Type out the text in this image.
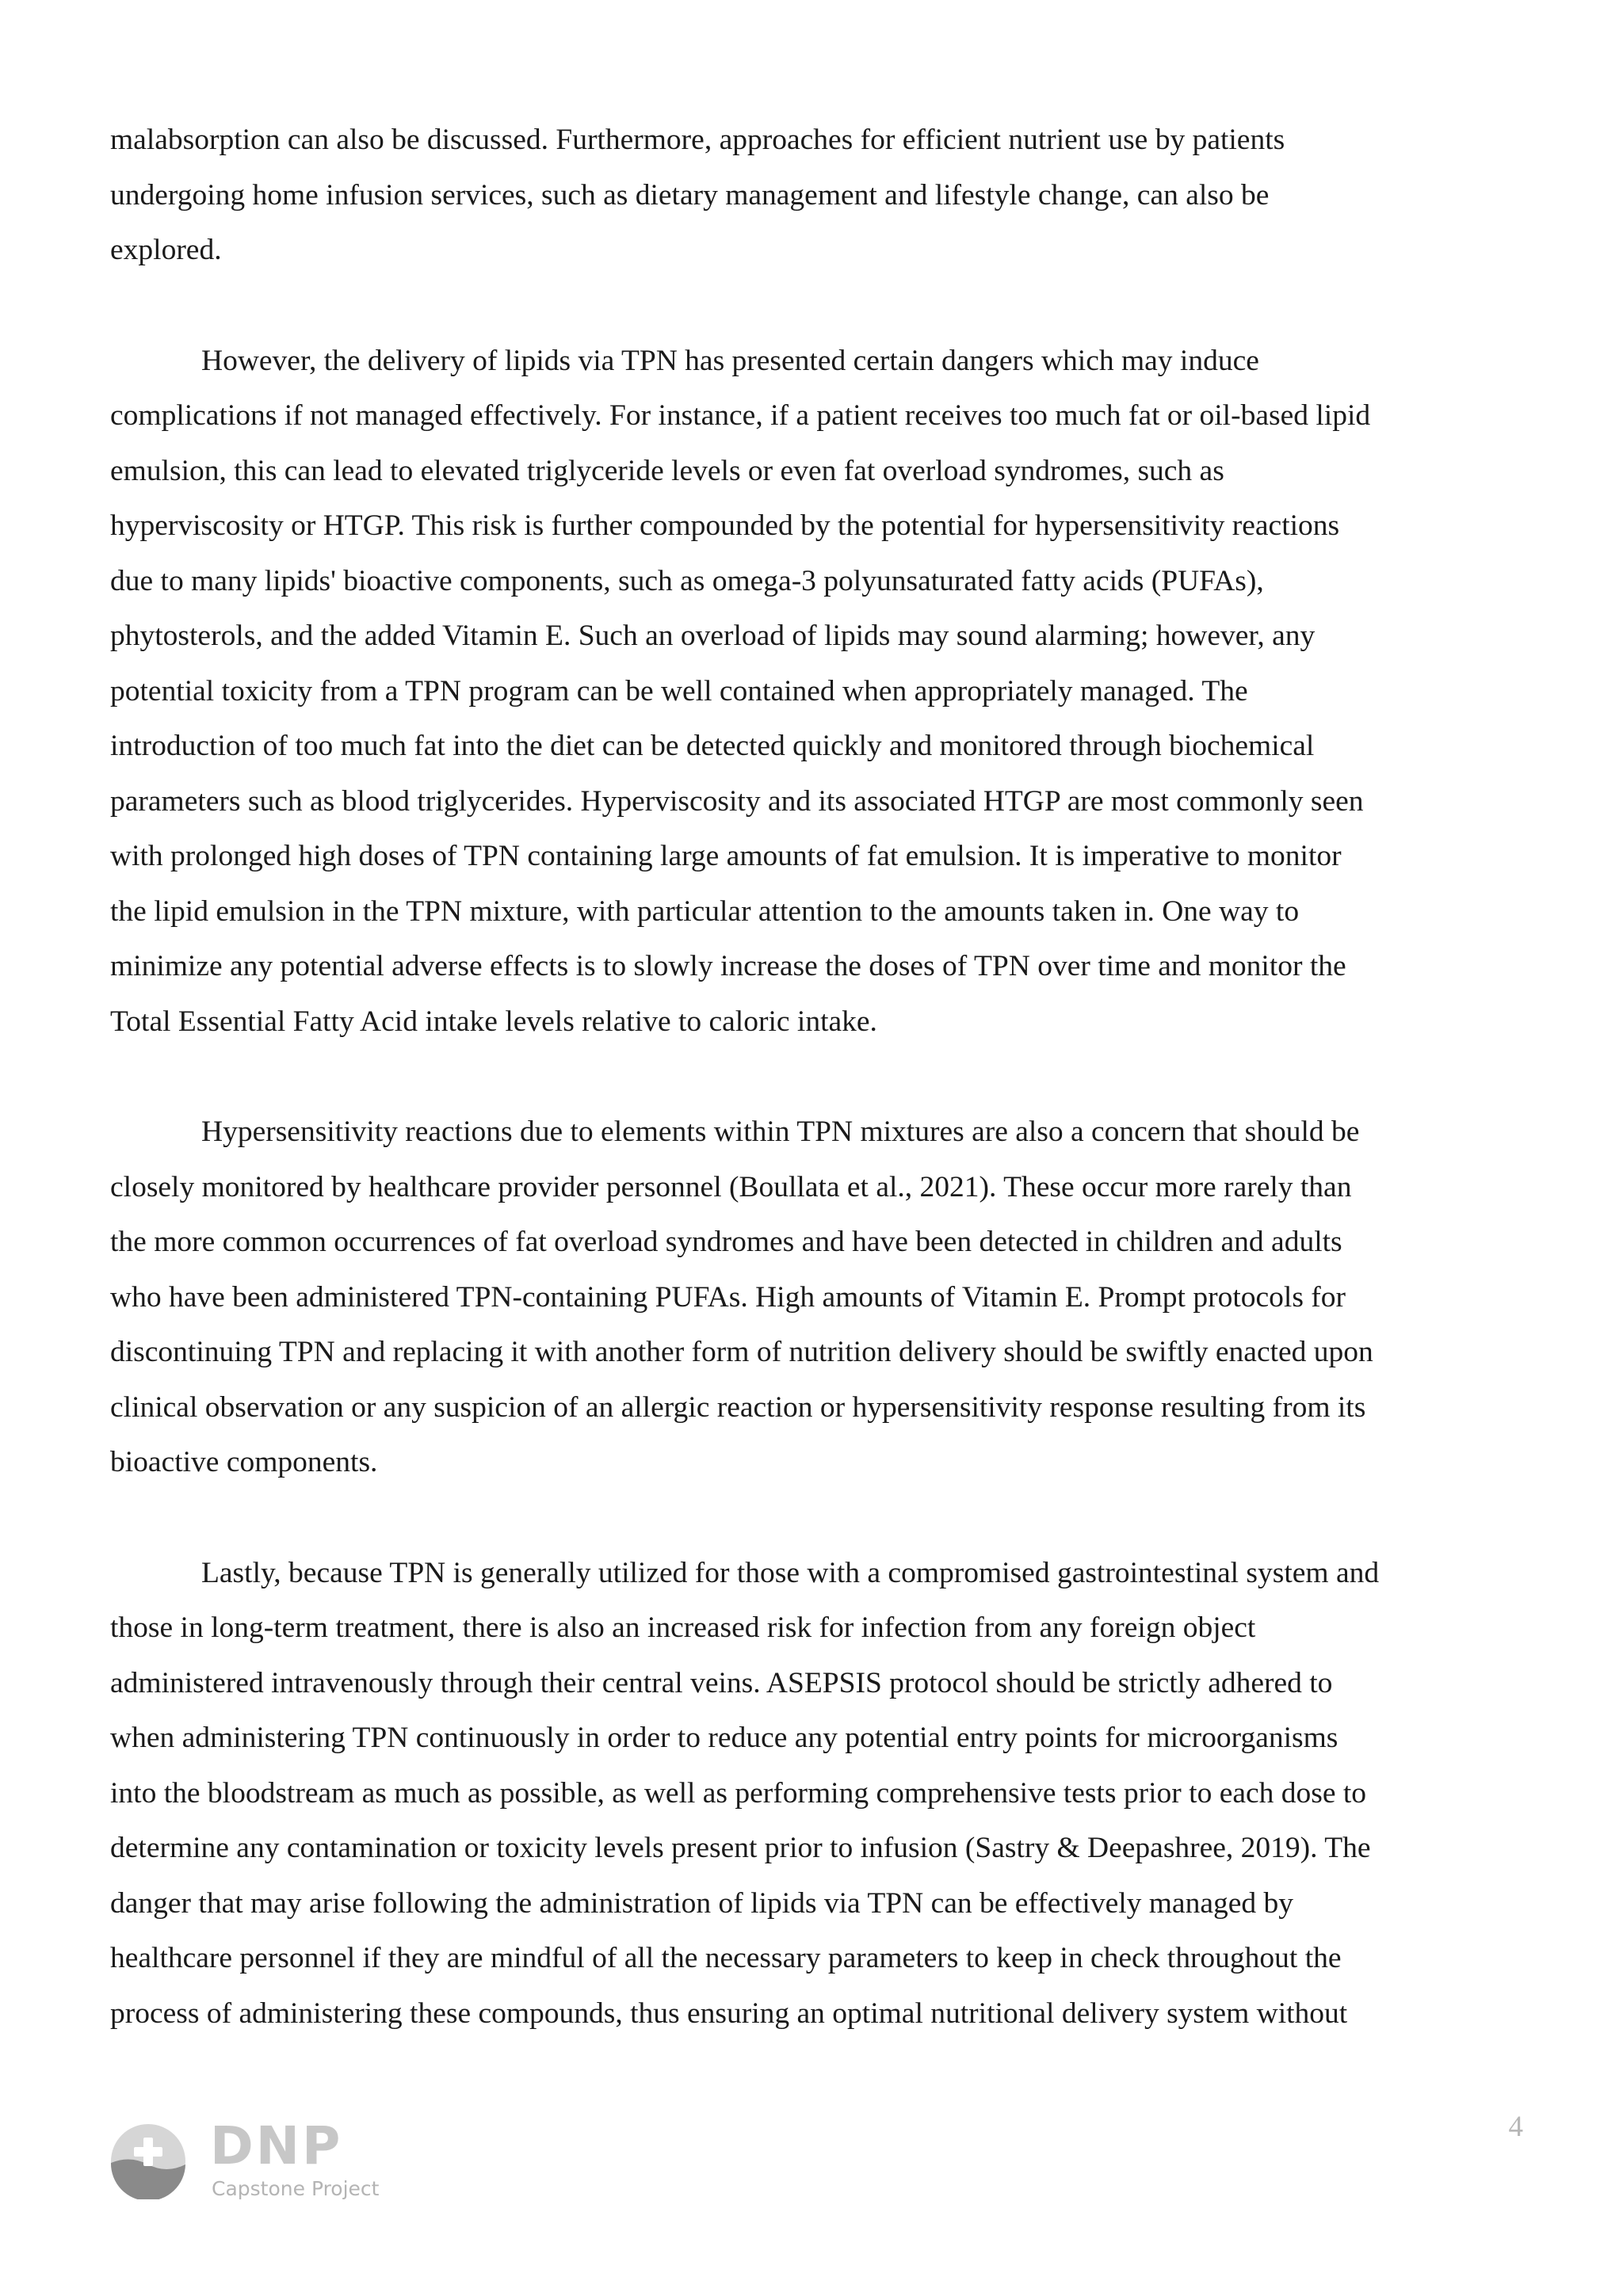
malabsorption can also be discussed. Furthermore, approaches for efficient nutrient use by patients
undergoing home infusion services, such as dietary management and lifestyle change, can also be
explored.

However, the delivery of lipids via TPN has presented certain dangers which may induce
complications if not managed effectively. For instance, if a patient receives too much fat or oil-based lipid
emulsion, this can lead to elevated triglyceride levels or even fat overload syndromes, such as
hyperviscosity or HTGP. This risk is further compounded by the potential for hypersensitivity reactions
due to many lipids' bioactive components, such as omega-3 polyunsaturated fatty acids (PUFAs),
phytosterols, and the added Vitamin E. Such an overload of lipids may sound alarming; however, any
potential toxicity from a TPN program can be well contained when appropriately managed. The
introduction of too much fat into the diet can be detected quickly and monitored through biochemical
parameters such as blood triglycerides. Hyperviscosity and its associated HTGP are most commonly seen
with prolonged high doses of TPN containing large amounts of fat emulsion. It is imperative to monitor
the lipid emulsion in the TPN mixture, with particular attention to the amounts taken in. One way to
minimize any potential adverse effects is to slowly increase the doses of TPN over time and monitor the
Total Essential Fatty Acid intake levels relative to caloric intake.

Hypersensitivity reactions due to elements within TPN mixtures are also a concern that should be
closely monitored by healthcare provider personnel (Boullata et al., 2021). These occur more rarely than
the more common occurrences of fat overload syndromes and have been detected in children and adults
who have been administered TPN-containing PUFAs. High amounts of Vitamin E. Prompt protocols for
discontinuing TPN and replacing it with another form of nutrition delivery should be swiftly enacted upon
clinical observation or any suspicion of an allergic reaction or hypersensitivity response resulting from its
bioactive components.

Lastly, because TPN is generally utilized for those with a compromised gastrointestinal system and
those in long-term treatment, there is also an increased risk for infection from any foreign object
administered intravenously through their central veins. ASEPSIS protocol should be strictly adhered to
when administering TPN continuously in order to reduce any potential entry points for microorganisms
into the bloodstream as much as possible, as well as performing comprehensive tests prior to each dose to
determine any contamination or toxicity levels present prior to infusion (Sastry & Deepashree, 2019). The
danger that may arise following the administration of lipids via TPN can be effectively managed by
healthcare personnel if they are mindful of all the necessary parameters to keep in check throughout the
process of administering these compounds, thus ensuring an optimal nutritional delivery system without

DNP
Capstone Project
4
